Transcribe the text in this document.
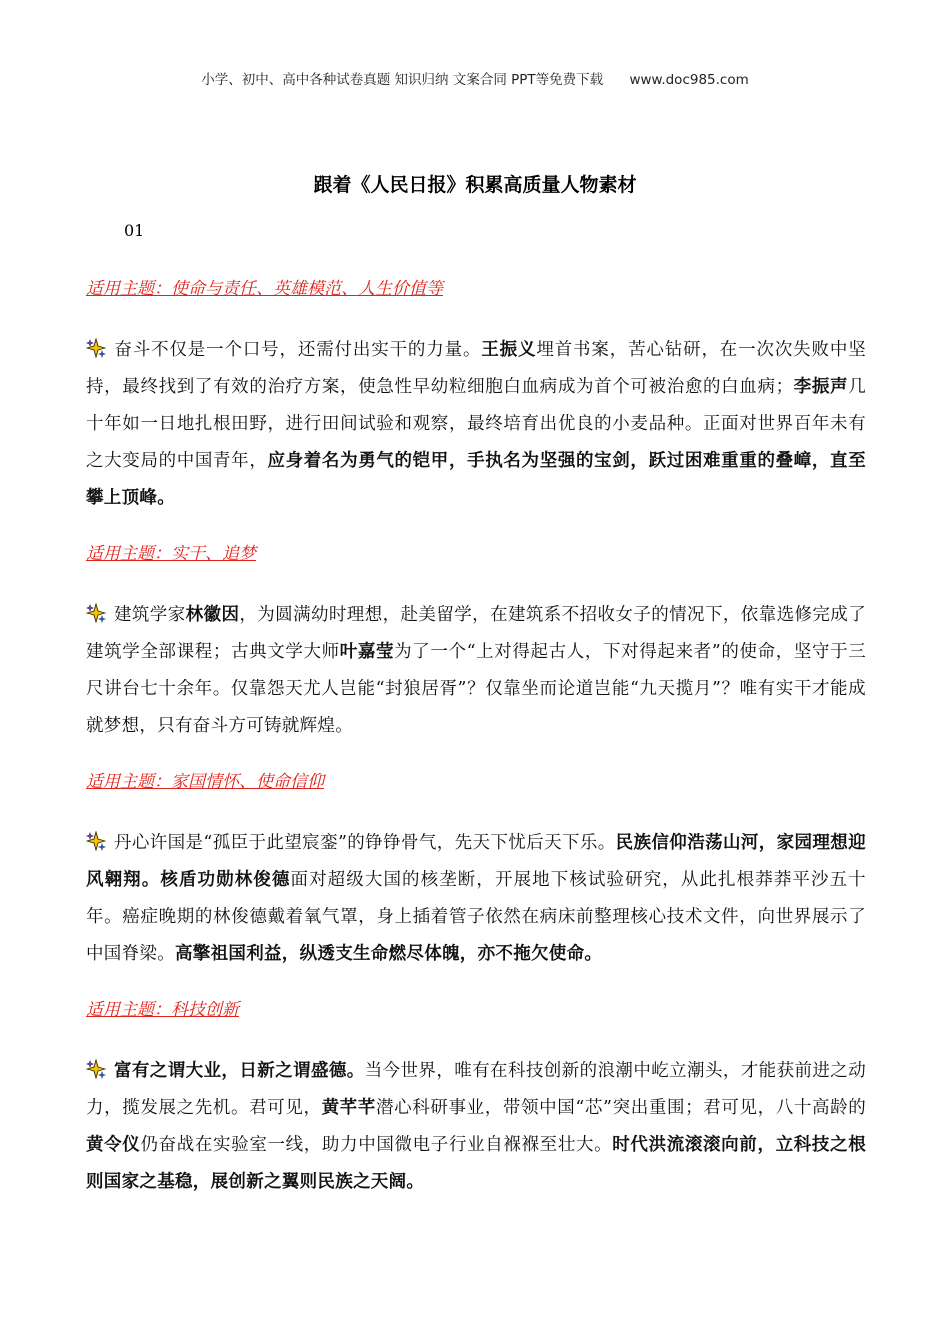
小学、初中、高中各种试卷真题 知识归纳 文案合同 PPT等免费下载 www.doc985.com
跟着《人民日报》积累高质量人物素材
01

适用主题：使命与责任、英雄模范、人生价值等

奋斗不仅是一个口号，还需付出实干的力量。王振义埋首书案，苦心钻研，在一次次失败中坚持，最终找到了有效的治疗方案，使急性早幼粒细胞白血病成为首个可被治愈的白血病；李振声几十年如一日地扎根田野，进行田间试验和观察，最终培育出优良的小麦品种。正面对世界百年未有之大变局的中国青年，应身着名为勇气的铠甲，手执名为坚强的宝剑，跃过困难重重的叠嶂，直至攀上顶峰。

适用主题：实干、追梦

建筑学家林徽因，为圆满幼时理想，赴美留学，在建筑系不招收女子的情况下，依靠选修完成了建筑学全部课程；古典文学大师叶嘉莹为了一个“上对得起古人，下对得起来者”的使命，坚守于三尺讲台七十余年。仅靠怨天尤人岂能“封狼居胥”？仅靠坐而论道岂能“九天揽月”？唯有实干才能成就梦想，只有奋斗方可铸就辉煌。

适用主题：家国情怀、使命信仰

丹心许国是“孤臣于此望宸銮”的铮铮骨气，先天下忧后天下乐。民族信仰浩荡山河，家园理想迎风翱翔。核盾功勋林俊德面对超级大国的核垄断，开展地下核试验研究，从此扎根莽莽平沙五十年。癌症晚期的林俊德戴着氧气罩，身上插着管子依然在病床前整理核心技术文件，向世界展示了中国脊梁。高擎祖国利益，纵透支生命燃尽体魄，亦不拖欠使命。

适用主题：科技创新

富有之谓大业，日新之谓盛德。当今世界，唯有在科技创新的浪潮中屹立潮头，才能获前进之动力，揽发展之先机。君可见，黄芊芊潜心科研事业，带领中国“芯”突出重围；君可见，八十高龄的黄令仪仍奋战在实验室一线，助力中国微电子行业自褓褓至壮大。时代洪流滚滚向前，立科技之根则国家之基稳，展创新之翼则民族之天阔。
